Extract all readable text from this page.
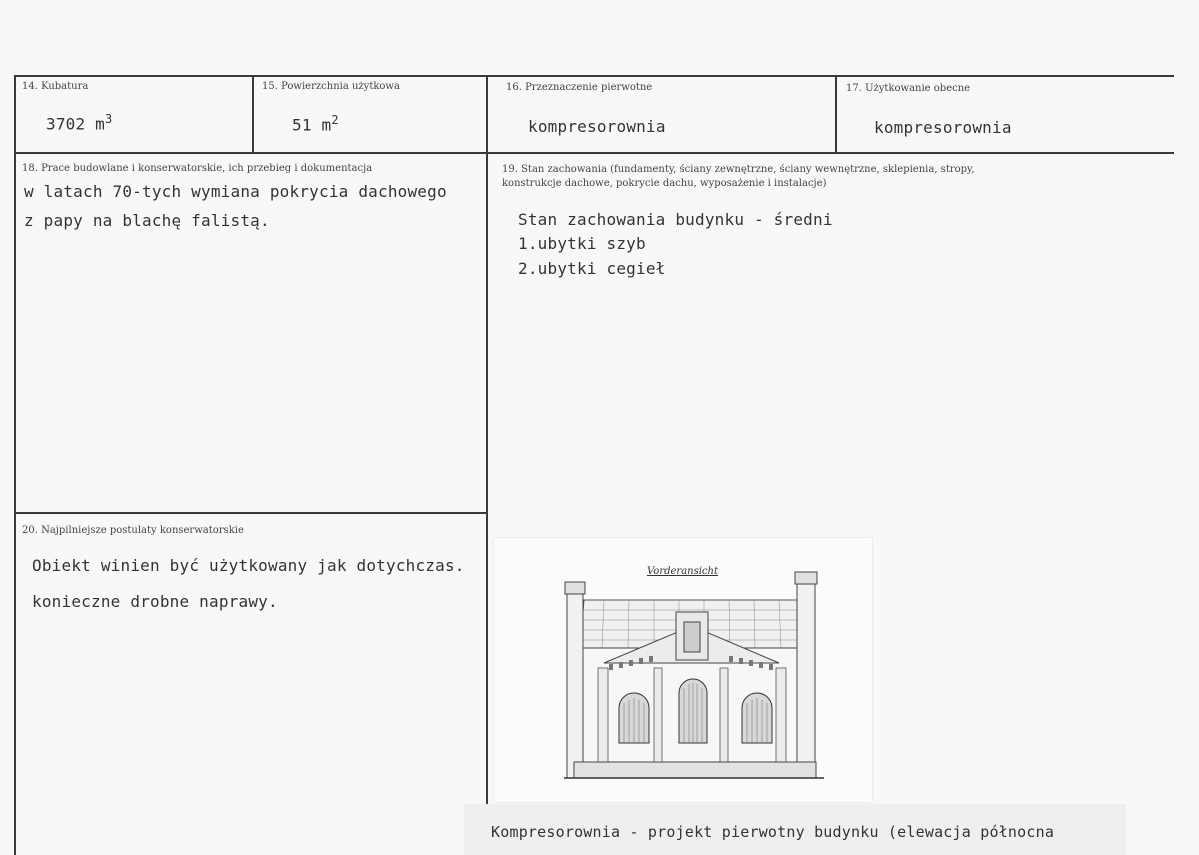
14. Kubatura
3702 $m^3$
15. Powierzchnia użytkowa
51 $m^2$
16. Przeznaczenie pierwotne
kompresorownia
17. Użytkowanie obecne
kompresorownia
18. Prace budowlane i konserwatorskie, ich przebieg i dokumentacja
w latach 70-tych wymiana pokrycia dachowego
z papy na blachę falistą.
19. Stan zachowania (fundamenty, ściany zewnętrzne, ściany wewnętrzne, sklepienia, stropy,
konstrukcje dachowe, pokrycie dachu, wyposażenie i instalacje)
Stan zachowania budynku - średni
1.ubytki szyb
2.ubytki cegieł
20. Najpilniejsze postulaty konserwatorskie
Obiekt winien być użytkowany jak dotychczas.
konieczne drobne naprawy.
Vorderansicht
Kompresorownia - projekt pierwotny budynku (elewacja północna
